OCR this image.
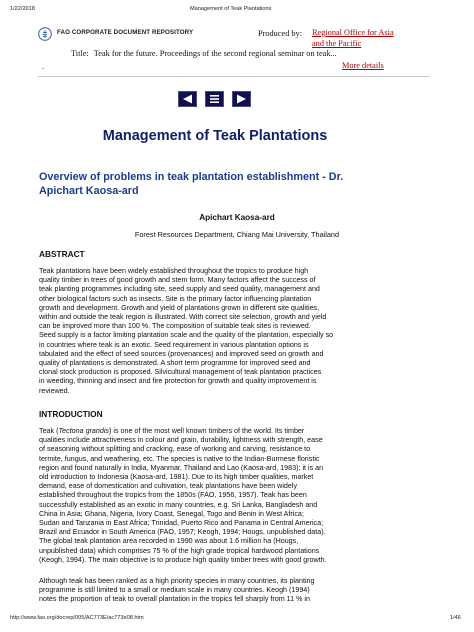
1/22/2018	Management of Teak Plantations
FAO CORPORATE DOCUMENT REPOSITORY	Produced by: Regional Office for Asia and the Pacific
Title: Teak for the future. Proceedings of the second regional seminar on teak...
.	More details
Management of Teak Plantations
Overview of problems in teak plantation establishment - Dr. Apichart Kaosa-ard
Apichart Kaosa-ard
Forest Resources Department, Chiang Mai University, Thailand
ABSTRACT
Teak plantations have been widely established throughout the tropics to produce high
quality timber in trees of good growth and stem form. Many factors affect the success of
teak planting programmes including site, seed supply and seed quality, management and
other biological factors such as insects. Site is the primary factor influencing plantation
growth and development. Growth and yield of plantations grown in different site qualities,
within and outside the teak region is illustrated. With correct site selection, growth and yield
can be improved more than 100 %. The composition of suitable teak sites is reviewed.
Seed supply is a factor limiting plantation scale and the quality of the plantation, especially so
in countries where teak is an exotic. Seed requirement in various plantation options is
tabulated and the effect of seed sources (provenances) and improved seed on growth and
quality of plantations is demonstrated. A short term programme for improved seed and
clonal stock production is proposed. Silvicultural management of teak plantation practices
in weeding, thinning and insect and fire protection for growth and quality improvement is
reviewed.
INTRODUCTION
Teak (Tectona grandis) is one of the most well known timbers of the world. Its timber
qualities include attractiveness in colour and grain, durability, lightness with strength, ease
of seasoning without splitting and cracking, ease of working and carving, resistance to
termite, fungus, and weathering, etc. The species is native to the Indian-Burmese floristic
region and found naturally in India, Myanmar, Thailand and Lao (Kaosa-ard, 1983); it is an
old introduction to Indonesia (Kaosa-ard, 1981). Due to its high timber qualities, market
demand, ease of domestication and cultivation, teak plantations have been widely
established throughout the tropics from the 1850s (FAO, 1956, 1957). Teak has been
successfully established as an exotic in many countries, e.g. Sri Lanka, Bangladesh and
China in Asia; Ghana, Nigeria, Ivory Coast, Senegal, Togo and Benin in West Africa;
Sudan and Tanzania in East Africa; Trinidad, Puerto Rico and Panama in Central America;
Brazil and Ecuador in South America (FAO, 1957; Keogh, 1994; Hougs, unpublished data).
The global teak plantation area recorded in 1990 was about 1.6 million ha (Hougs,
unpublished data) which comprises 75 % of the high grade tropical hardwood plantations
(Keogh, 1994). The main objective is to produce high quality timber trees with good growth.
Although teak has been ranked as a high priority species in many countries, its planting
programme is still limited to a small or medium scale in many countries. Keogh (1994)
notes the proportion of teak to overall plantation in the tropics fell sharply from 11 % in
http://www.fao.org/docrep/005/AC773E/ac773e08.htm	1/46
